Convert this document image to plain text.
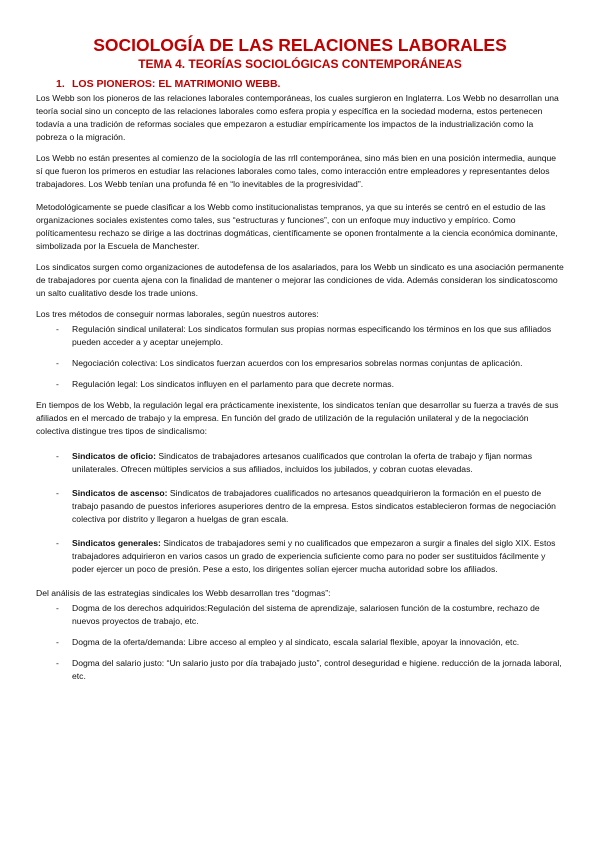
SOCIOLOGÍA DE LAS RELACIONES LABORALES
TEMA 4. TEORÍAS SOCIOLÓGICAS CONTEMPORÁNEAS
1. LOS PIONEROS: EL MATRIMONIO WEBB.

Los Webb son los pioneros de las relaciones laborales contemporáneas, los cuales surgieron en Inglaterra. Los Webb no desarrollan una teoría social sino un concepto de las relaciones laborales como esfera propia y específica en la sociedad moderna, estos pertenecen todavía a una tradición de reformas sociales que empezaron a estudiar empíricamente los impactos de la industrialización como la pobreza o la migración.

Los Webb no están presentes al comienzo de la sociología de las rrll contemporánea, sino más bien en una posición intermedia, aunque sí que fueron los primeros en estudiar las relaciones laborales como tales, como interacción entre empleadores y representantes delos trabajadores. Los Webb tenían una profunda fé en “lo inevitables de la progresividad”.

Metodológicamente se puede clasificar a los Webb como institucionalistas tempranos, ya que su interés se centró en el estudio de las organizaciones sociales existentes como tales, sus “estructuras y funciones”, con un enfoque muy inductivo y empírico. Como políticamentesu rechazo se dirige a las doctrinas dogmáticas, científicamente se oponen frontalmente a la ciencia económica dominante, simbolizada por la Escuela de Manchester.

Los sindicatos surgen como organizaciones de autodefensa de los asalariados, para los Webb un sindicato es una asociación permanente de trabajadores por cuenta ajena con la finalidad de mantener o mejorar las condiciones de vida. Además consideran los sindicatoscomo un salto cualitativo desde los trade unions.

Los tres métodos de conseguir normas laborales, según nuestros autores:

- Regulación sindical unilateral: Los sindicatos formulan sus propias normas especificando los términos en los que sus afiliados pueden acceder a y aceptar unejemplo.
- Negociación colectiva: Los sindicatos fuerzan acuerdos con los empresarios sobrelas normas conjuntas de aplicación.
- Regulación legal: Los sindicatos influyen en el parlamento para que decrete normas.

En tiempos de los Webb, la regulación legal era prácticamente inexistente, los sindicatos tenían que desarrollar su fuerza a través de sus afiliados en el mercado de trabajo y la empresa. En función del grado de utilización de la regulación unilateral y de la negociación colectiva distingue tres tipos de sindicalismo:

- Sindicatos de oficio: Sindicatos de trabajadores artesanos cualificados que controlan la oferta de trabajo y fijan normas unilaterales. Ofrecen múltiples servicios a sus afiliados, incluidos los jubilados, y cobran cuotas elevadas.
- Sindicatos de ascenso: Sindicatos de trabajadores cualificados no artesanos queadquirieron la formación en el puesto de trabajo pasando de puestos inferiores asuperiores dentro de la empresa. Estos sindicatos establecieron formas de negociación colectiva por distrito y llegaron a huelgas de gran escala.
- Sindicatos generales: Sindicatos de trabajadores semi y no cualificados que empezaron a surgir a finales del siglo XIX. Estos trabajadores adquirieron en varios casos un grado de experiencia suficiente como para no poder ser sustituidos fácilmente y poder ejercer un poco de presión. Pese a esto, los dirigentes solían ejercer mucha autoridad sobre los afiliados.

Del análisis de las estrategias sindicales los Webb desarrollan tres “dogmas”:

- Dogma de los derechos adquiridos:Regulación del sistema de aprendizaje, salariosen función de la costumbre, rechazo de nuevos proyectos de trabajo, etc.
- Dogma de la oferta/demanda: Libre acceso al empleo y al sindicato, escala salarial flexible, apoyar la innovación, etc.
- Dogma del salario justo: “Un salario justo por día trabajado justo”, control deseguridad e higiene. reducción de la jornada laboral, etc.
